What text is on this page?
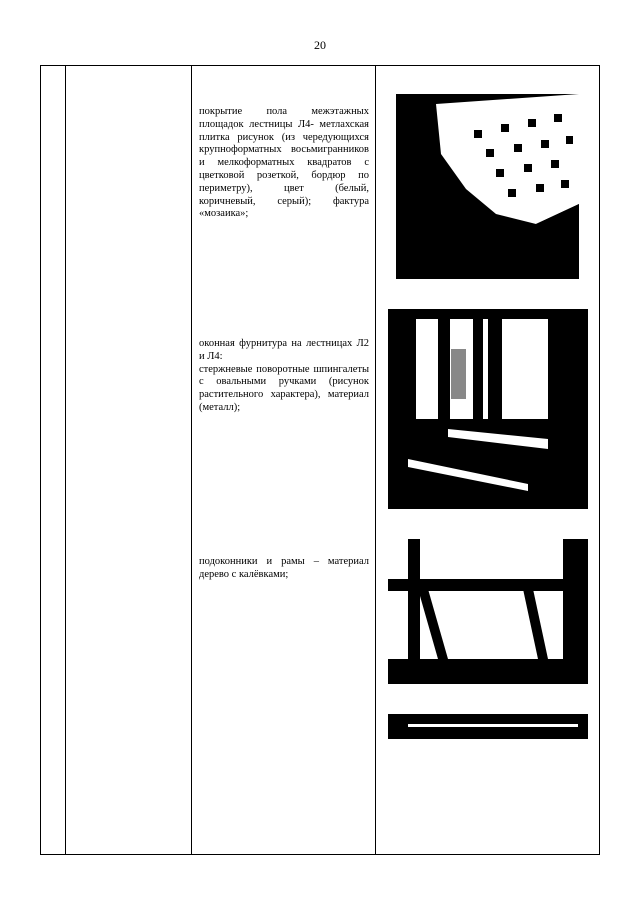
20

покрытие пола межэтажных площадок лестницы Л4- метлахская плитка рисунок (из чередующихся крупноформатных восьмигранников и мелкоформатных квадратов с цветковой розеткой, бордюр по периметру), цвет (белый, коричневый, серый); фактура «мозаика»;

оконная фурнитура на лестницах Л2 и Л4:

стержневые поворотные шпингалеты с овальными ручками (рисунок растительного характера), материал (металл);

подоконники и рамы – материал дерево с калёвками;
